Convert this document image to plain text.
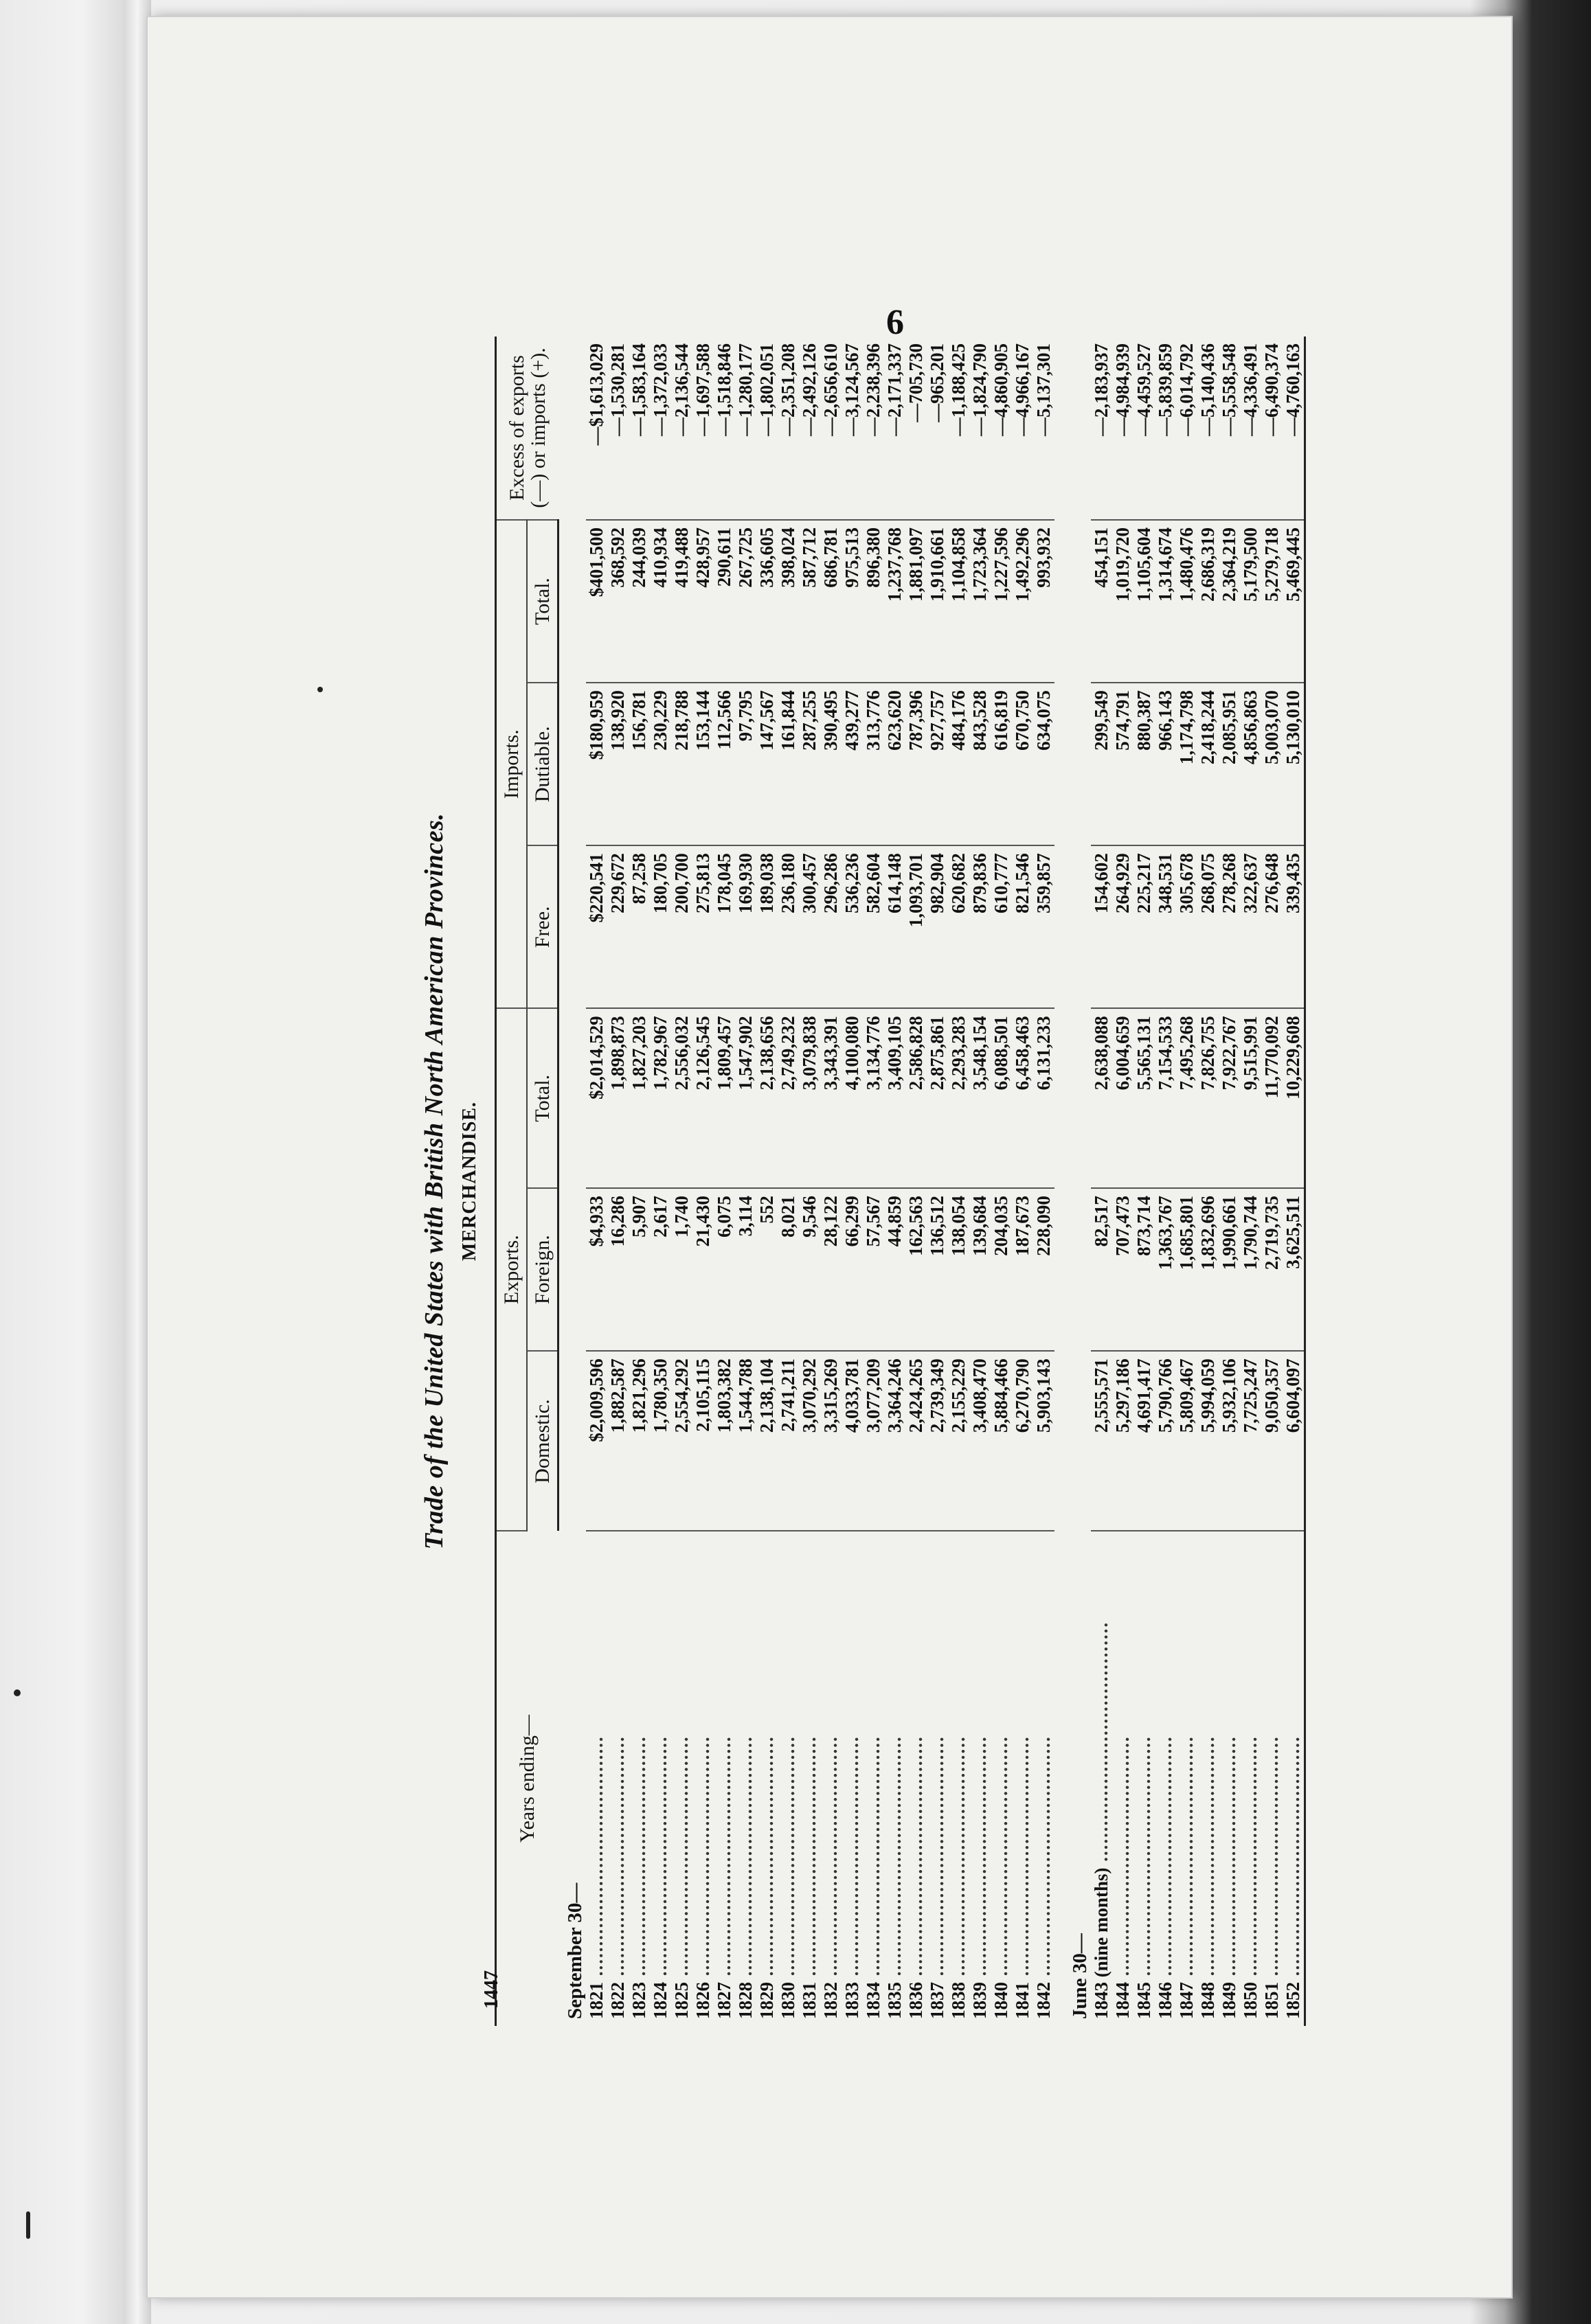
6
Trade of the United States with British North American Provinces. MERCHANDISE.
Years ending—	Exports.			Imports.			Excess of exports (—) or imports (+).
	Domestic.	Foreign.	Total.	Free.	Dutiable.	Total.	
September 30—							
1821 ........................................	$2,009,596	$4,933	$2,014,529	$220,541	$180,959	$401,500	—$1,613,029
1822 ........................................	1,882,587	16,286	1,898,873	229,672	138,920	368,592	—1,530,281
1823 ........................................	1,821,296	5,907	1,827,203	87,258	156,781	244,039	—1,583,164
1824 ........................................	1,780,350	2,617	1,782,967	180,705	230,229	410,934	—1,372,033
1825 ........................................	2,554,292	1,740	2,556,032	200,700	218,788	419,488	—2,136,544
1826 ........................................	2,105,115	21,430	2,126,545	275,813	153,144	428,957	—1,697,588
1827 ........................................	1,803,382	6,075	1,809,457	178,045	112,566	290,611	—1,518,846
1828 ........................................	1,544,788	3,114	1,547,902	169,930	97,795	267,725	—1,280,177
1829 ........................................	2,138,104	552	2,138,656	189,038	147,567	336,605	—1,802,051
1830 ........................................	2,741,211	8,021	2,749,232	236,180	161,844	398,024	—2,351,208
1831 ........................................	3,070,292	9,546	3,079,838	300,457	287,255	587,712	—2,492,126
1832 ........................................	3,315,269	28,122	3,343,391	296,286	390,495	686,781	—2,656,610
1833 ........................................	4,033,781	66,299	4,100,080	536,236	439,277	975,513	—3,124,567
1834 ........................................	3,077,209	57,567	3,134,776	582,604	313,776	896,380	—2,238,396
1835 ........................................	3,364,246	44,859	3,409,105	614,148	623,620	1,237,768	—2,171,337
1836 ........................................	2,424,265	162,563	2,586,828	1,093,701	787,396	1,881,097	—705,730
1837 ........................................	2,739,349	136,512	2,875,861	982,904	927,757	1,910,661	—965,201
1838 ........................................	2,155,229	138,054	2,293,283	620,682	484,176	1,104,858	—1,188,425
1839 ........................................	3,408,470	139,684	3,548,154	879,836	843,528	1,723,364	—1,824,790
1840 ........................................	5,884,466	204,035	6,088,501	610,777	616,819	1,227,596	—4,860,905
1841 ........................................	6,270,790	187,673	6,458,463	821,546	670,750	1,492,296	—4,966,167
1842 ........................................	5,903,143	228,090	6,131,233	359,857	634,075	993,932	—5,137,301

June 30—							
1843 (nine months) ........................................	2,555,571	82,517	2,638,088	154,602	299,549	454,151	—2,183,937
1844 ........................................	5,297,186	707,473	6,004,659	264,929	574,791	1,019,720	—4,984,939
1845 ........................................	4,691,417	873,714	5,565,131	225,217	880,387	1,105,604	—4,459,527
1846 ........................................	5,790,766	1,363,767	7,154,533	348,531	966,143	1,314,674	—5,839,859
1847 ........................................	5,809,467	1,685,801	7,495,268	305,678	1,174,798	1,480,476	—6,014,792
1848 ........................................	5,994,059	1,832,696	7,826,755	268,075	2,418,244	2,686,319	—5,140,436
1849 ........................................	5,932,106	1,990,661	7,922,767	278,268	2,085,951	2,364,219	—5,558,548
1850 ........................................	7,725,247	1,790,744	9,515,991	322,637	4,856,863	5,179,500	—4,336,491
1851 ........................................	9,050,357	2,719,735	11,770,092	276,648	5,003,070	5,279,718	—6,490,374
1852 ........................................	6,604,097	3,625,511	10,229,608	339,435	5,130,010	5,469,445	—4,760,163
1447
